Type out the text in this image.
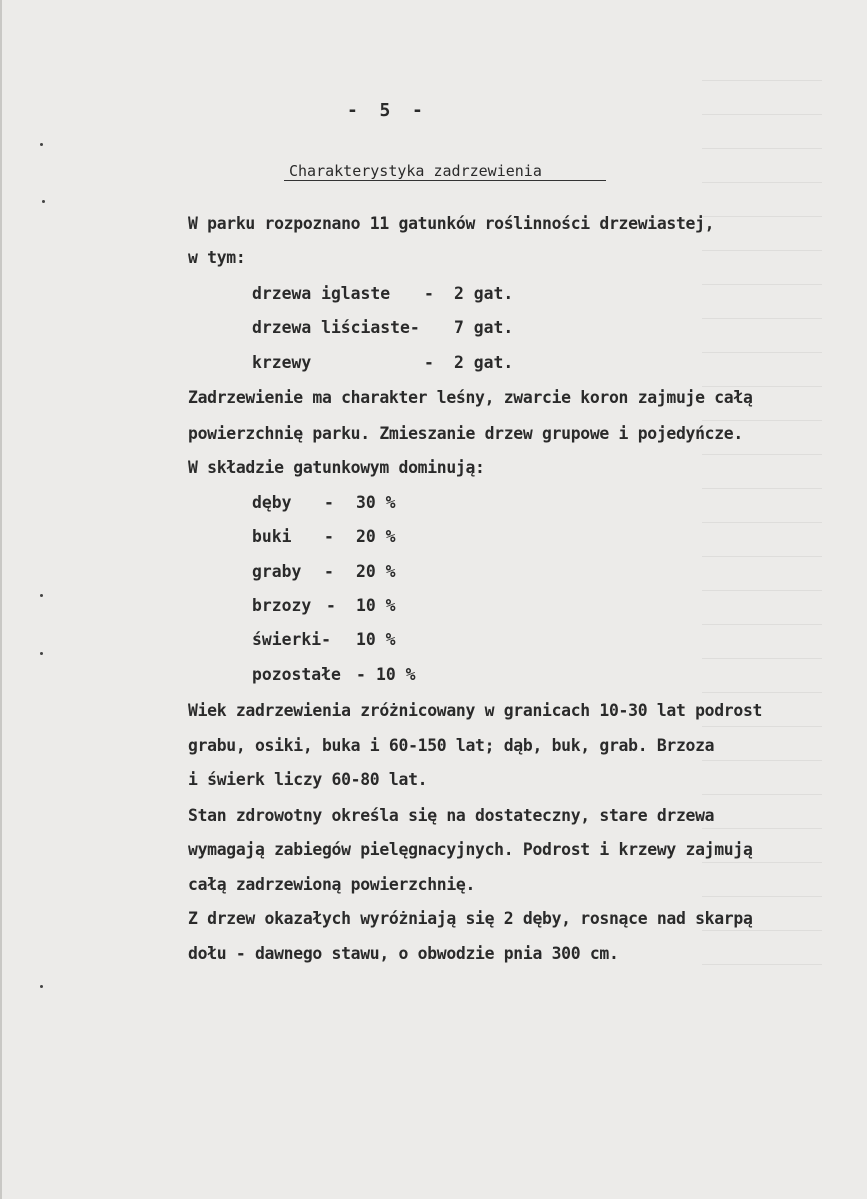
-  5  -
Charakterystyka zadrzewienia
W parku rozpoznano 11 gatunków roślinności drzewiastej,
w tym:

drzewa iglaste

-

2 gat.

drzewa liściaste-

7 gat.

krzewy

	-

2 gat.

Zadrzewienie ma charakter leśny, zwarcie koron zajmuje całą
powierzchnię parku. Zmieszanie drzew grupowe i pojedyńcze.
W składzie gatunkowym dominują:

dęby

-

30 %

buki

-

20 %

graby

-

20 %

brzozy

-

10 %

świerki-

10 %

pozostałe

-

10 %

Wiek zadrzewienia zróżnicowany w granicach 10-30 lat podrost
grabu, osiki, buka i 60-150 lat; dąb, buk, grab. Brzoza
i świerk liczy 60-80 lat.
Stan zdrowotny określa się na dostateczny, stare drzewa
wymagają zabiegów pielęgnacyjnych. Podrost i krzewy zajmują
całą zadrzewioną powierzchnię.
Z drzew okazałych wyróżniają się 2 dęby, rosnące nad skarpą
dołu - dawnego stawu, o obwodzie pnia 300 cm.
